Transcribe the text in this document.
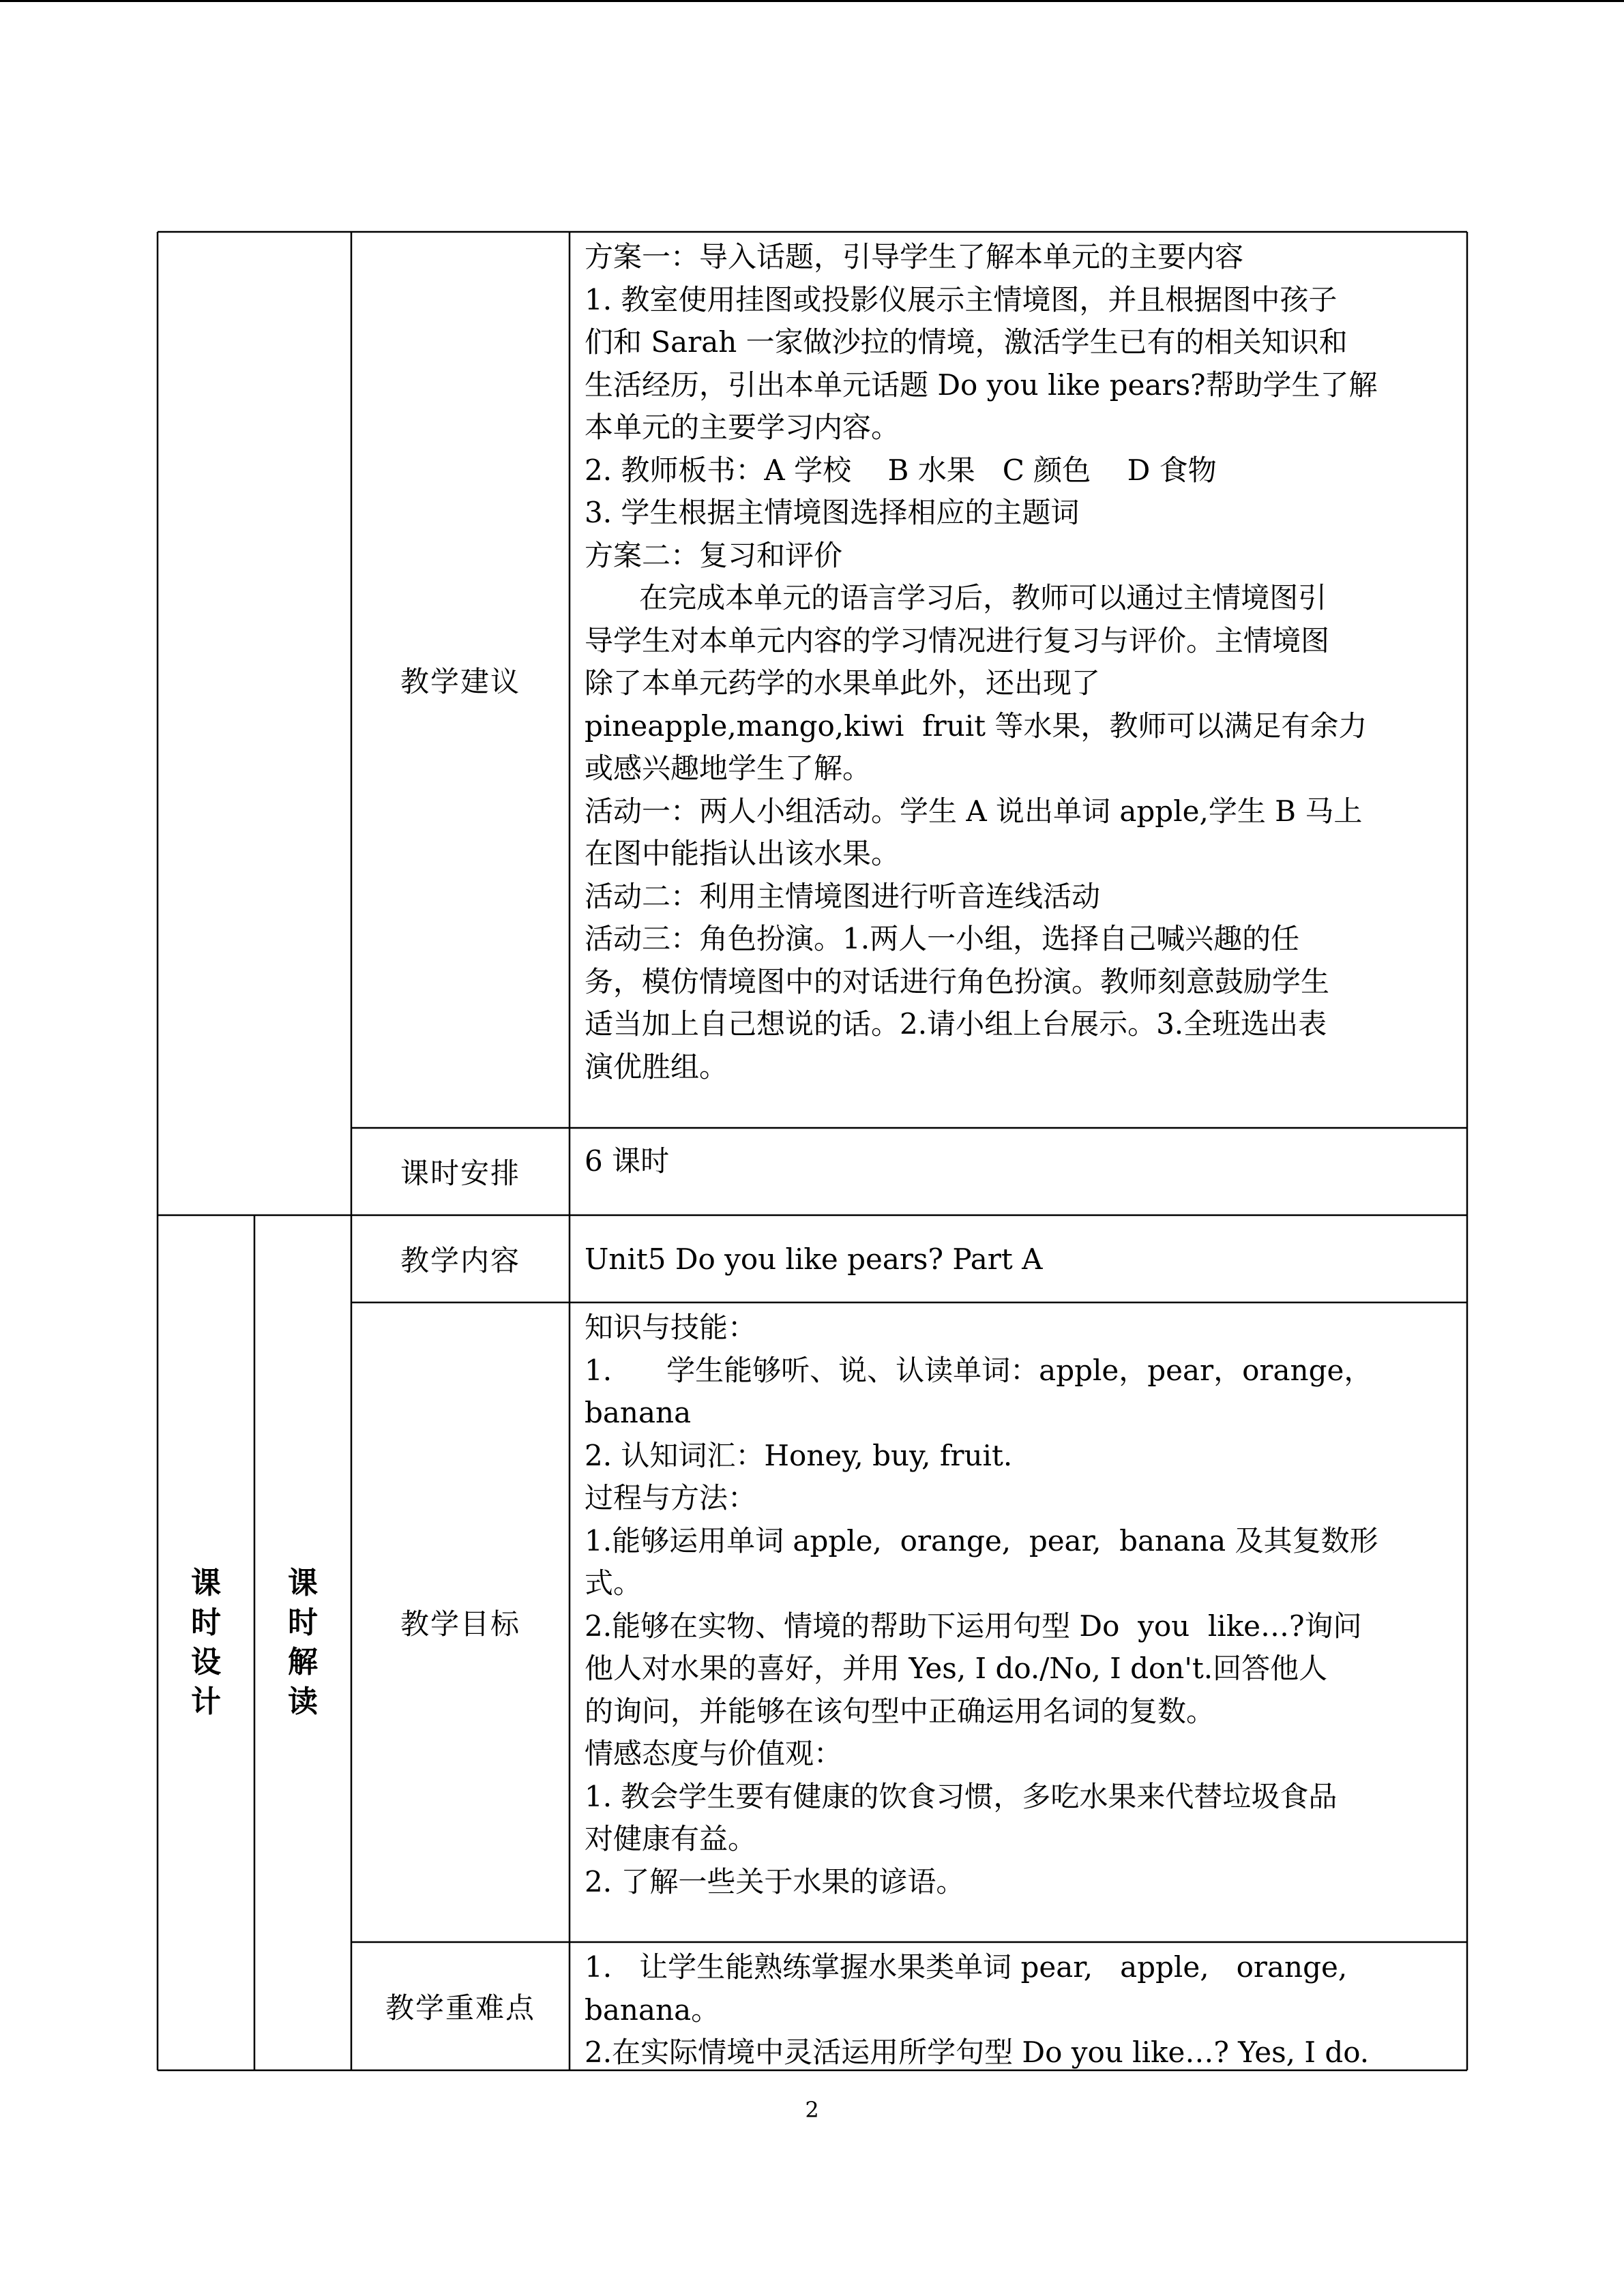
教学建议

方案一：导入话题，引导学生了解本单元的主要内容

1. 教室使用挂图或投影仪展示主情境图，并且根据图中孩子

们和 Sarah 一家做沙拉的情境，激活学生已有的相关知识和

生活经历，引出本单元话题 Do you like pears?帮助学生了解

本单元的主要学习内容。

2. 教师板书：A 学校    B 水果   C 颜色    D 食物

3. 学生根据主情境图选择相应的主题词

方案二：复习和评价

在完成本单元的语言学习后，教师可以通过主情境图引

导学生对本单元内容的学习情况进行复习与评价。主情境图

除了本单元药学的水果单此外，还出现了

pineapple,mango,kiwi  fruit 等水果，教师可以满足有余力

或感兴趣地学生了解。

活动一：两人小组活动。学生 A 说出单词 apple,学生 B 马上

在图中能指认出该水果。

活动二：利用主情境图进行听音连线活动

活动三：角色扮演。1.两人一小组，选择自己喊兴趣的任

务，模仿情境图中的对话进行角色扮演。教师刻意鼓励学生

适当加上自己想说的话。2.请小组上台展示。3.全班选出表

演优胜组。

课时安排	6 课时
课时设计
课时解读
教学内容 Unit5 Do you like pears? Part A
教学目标

知识与技能：

1.      学生能够听、说、认读单词：apple，pear，orange，

banana

2. 认知词汇：Honey, buy, fruit.

过程与方法：

1.能够运用单词 apple,  orange,  pear,  banana 及其复数形

式。

2.能够在实物、情境的帮助下运用句型 Do  you  like…?询问

他人对水果的喜好，并用 Yes, I do./No, I don't.回答他人

的询问，并能够在该句型中正确运用名词的复数。

情感态度与价值观：

1. 教会学生要有健康的饮食习惯，多吃水果来代替垃圾食品

对健康有益。

2. 了解一些关于水果的谚语。

教学重难点

1.   让学生能熟练掌握水果类单词 pear,   apple,   orange,

banana。

2.在实际情境中灵活运用所学句型 Do you like…? Yes, I do.

2
